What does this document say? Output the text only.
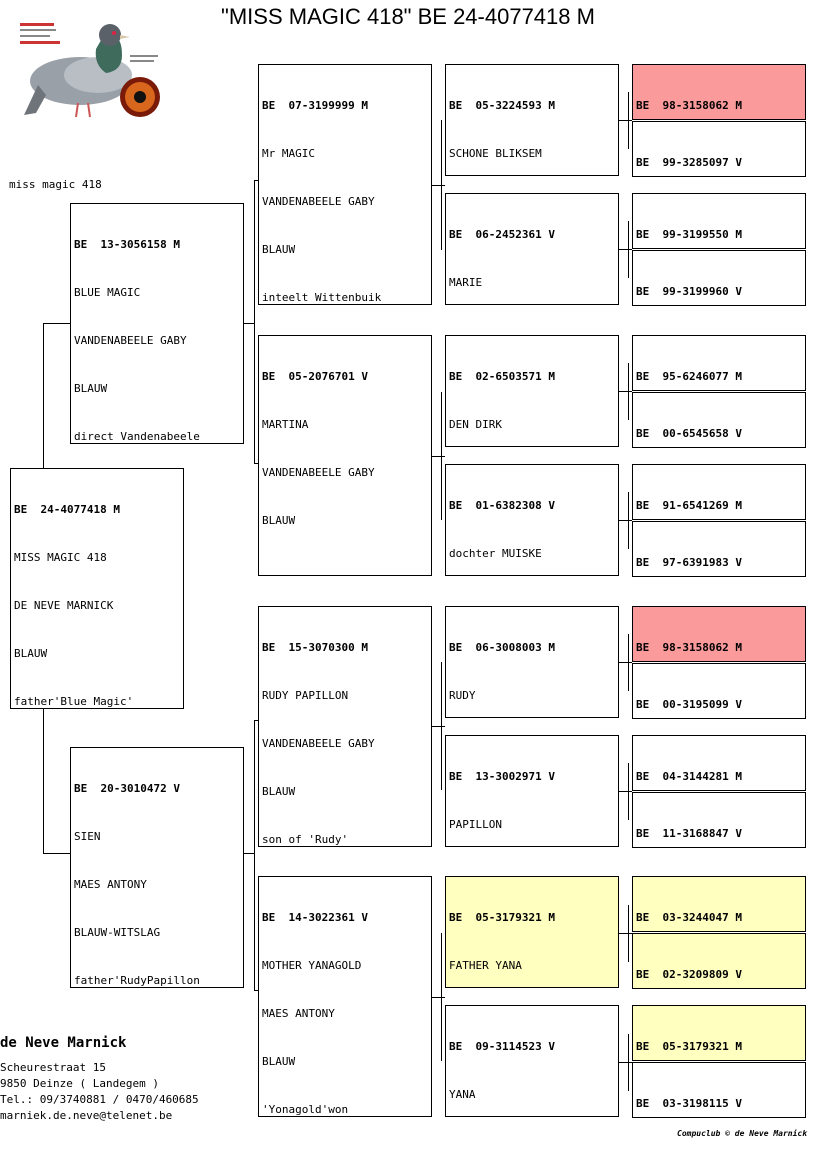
"MISS MAGIC 418" BE 24-4077418 M
miss magic 418

BE  24-4077418 M

MISS MAGIC 418

DE NEVE MARNICK

BLAUW

father'Blue Magic'

BE  13-3056158 M

BLUE MAGIC

VANDENABEELE GABY

BLAUW

direct Vandenabeele

BE  20-3010472 V

SIEN

MAES ANTONY

BLAUW-WITSLAG

father'RudyPapillon

BE  07-3199999 M

Mr MAGIC

VANDENABEELE GABY

BLAUW

inteelt Wittenbuik

BE  05-2076701 V

MARTINA

VANDENABEELE GABY

BLAUW

BE  15-3070300 M

RUDY PAPILLON

VANDENABEELE GABY

BLAUW

son of 'Rudy'

BE  14-3022361 V

MOTHER YANAGOLD

MAES ANTONY

BLAUW

'Yonagold'won

BE  05-3224593 M

SCHONE BLIKSEM

BE  06-2452361 V

MARIE

BE  02-6503571 M

DEN DIRK

BE  01-6382308 V

dochter MUISKE

BE  06-3008003 M

RUDY

BE  13-3002971 V

PAPILLON

BE  05-3179321 M

FATHER YANA

BE  09-3114523 V

YANA

BE  98-3158062 M

BE  99-3285097 V

BE  99-3199550 M

BE  99-3199960 V

BE  95-6246077 M

BE  00-6545658 V

BE  91-6541269 M

BE  97-6391983 V

BE  98-3158062 M

BE  00-3195099 V

BE  04-3144281 M

BE  11-3168847 V

BE  03-3244047 M

BE  02-3209809 V

BE  05-3179321 M

BE  03-3198115 V

de Neve Marnick
Scheurestraat 15
9850 Deinze ( Landegem )
Tel.: 09/3740881 / 0470/460685
marniek.de.neve@telenet.be
Compuclub © de Neve Marnick
